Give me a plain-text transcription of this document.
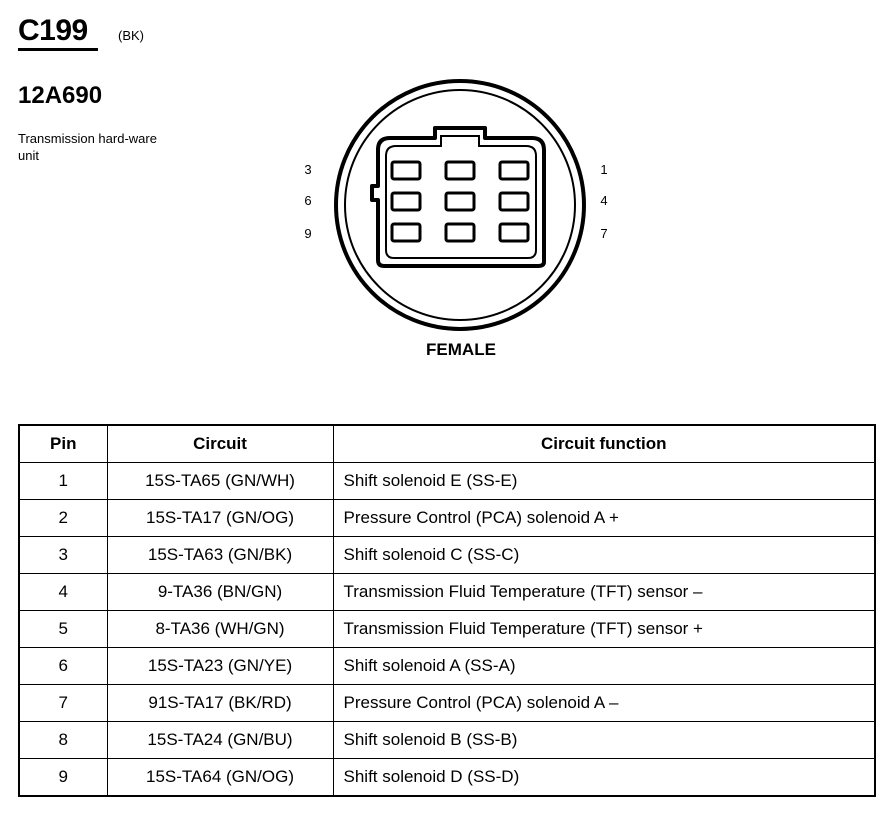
C199 (BK)
12A690
Transmission hard-ware unit
3
6
9
1
4
7
FEMALE
Pin	Circuit	Circuit function
1	15S-TA65 (GN/WH)	Shift solenoid E (SS-E)
2	15S-TA17 (GN/OG)	Pressure Control (PCA) solenoid A +
3	15S-TA63 (GN/BK)	Shift solenoid C (SS-C)
4	9-TA36 (BN/GN)	Transmission Fluid Temperature (TFT) sensor –
5	8-TA36 (WH/GN)	Transmission Fluid Temperature (TFT) sensor +
6	15S-TA23 (GN/YE)	Shift solenoid A (SS-A)
7	91S-TA17 (BK/RD)	Pressure Control (PCA) solenoid A –
8	15S-TA24 (GN/BU)	Shift solenoid B (SS-B)
9	15S-TA64 (GN/OG)	Shift solenoid D (SS-D)
